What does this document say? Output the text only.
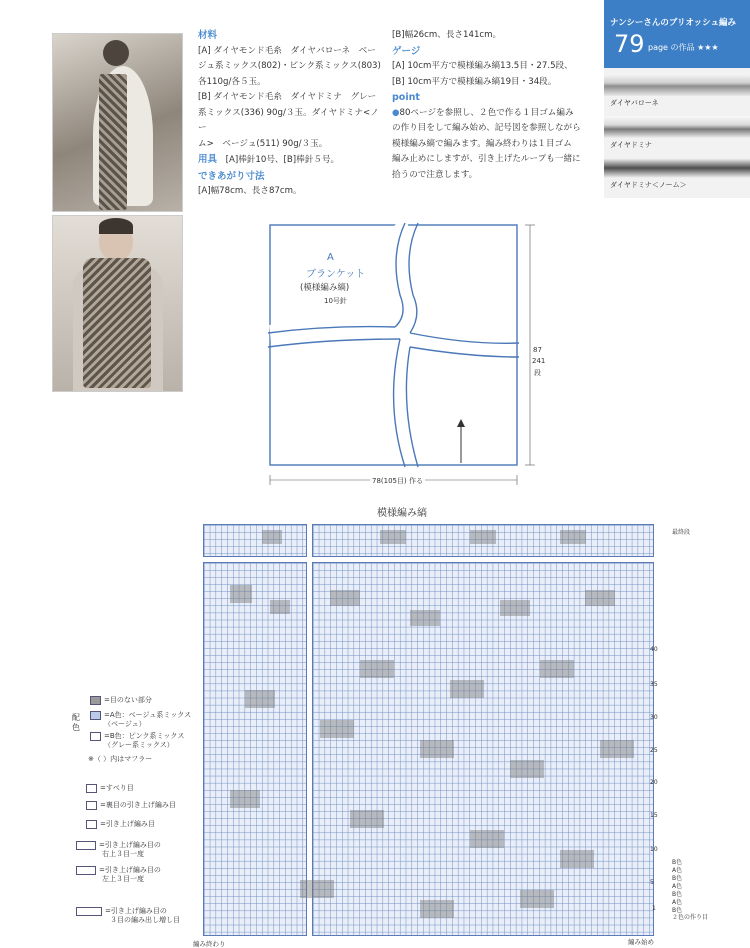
材料
[A] ダイヤモンド毛糸　ダイヤバローネ　ベー
ジュ系ミックス(802)・ピンク系ミックス(803)
各110g/各５玉。
[B] ダイヤモンド毛糸　ダイヤドミナ　グレー
系ミックス(336) 90g/３玉。ダイヤドミナ<ノー
ム>　ベージュ(511) 90g/３玉。
用具　 [A]棒針10号、[B]棒針５号。
できあがり寸法
[A]幅78cm、長さ87cm。
[B]幅26cm、長さ141cm。
ゲージ
[A] 10cm平方で模様編み縞13.5目・27.5段、
[B] 10cm平方で模様編み縞19目・34段。
point
●80ページを参照し、２色で作る１目ゴム編み
の作り目をして編み始め、記号図を参照しながら
模様編み縞で編みます。編み終わりは１目ゴム
編み止めにしますが、引き上げたループも一緒に
拾うので注意します。
ナンシーさんのブリオッシュ編み
79 page の作品 ★★★
ダイヤバローネ
ダイヤドミナ
ダイヤドミナ＜ノーム＞
A
ブランケット
(模様編み縞)
10号針
87
241
段
78(105目) 作る
模様編み縞
最終段
40
35
30
25
20
15
10
5
1
B色
A色
B色
A色
B色
A色
B色
２色の作り目
編み始め
編み終わり
配色
=目のない部分
=A色：ベージュ系ミックス
（ベージュ）
=B色：ピンク系ミックス
（グレー系ミックス）
※（ ）内はマフラー
=すべり目
=裏目の引き上げ編み目
=引き上げ編み目
=引き上げ編み目の
右上３目一度
=引き上げ編み目の
左上３目一度
=引き上げ編み目の
３目の編み出し増し目
